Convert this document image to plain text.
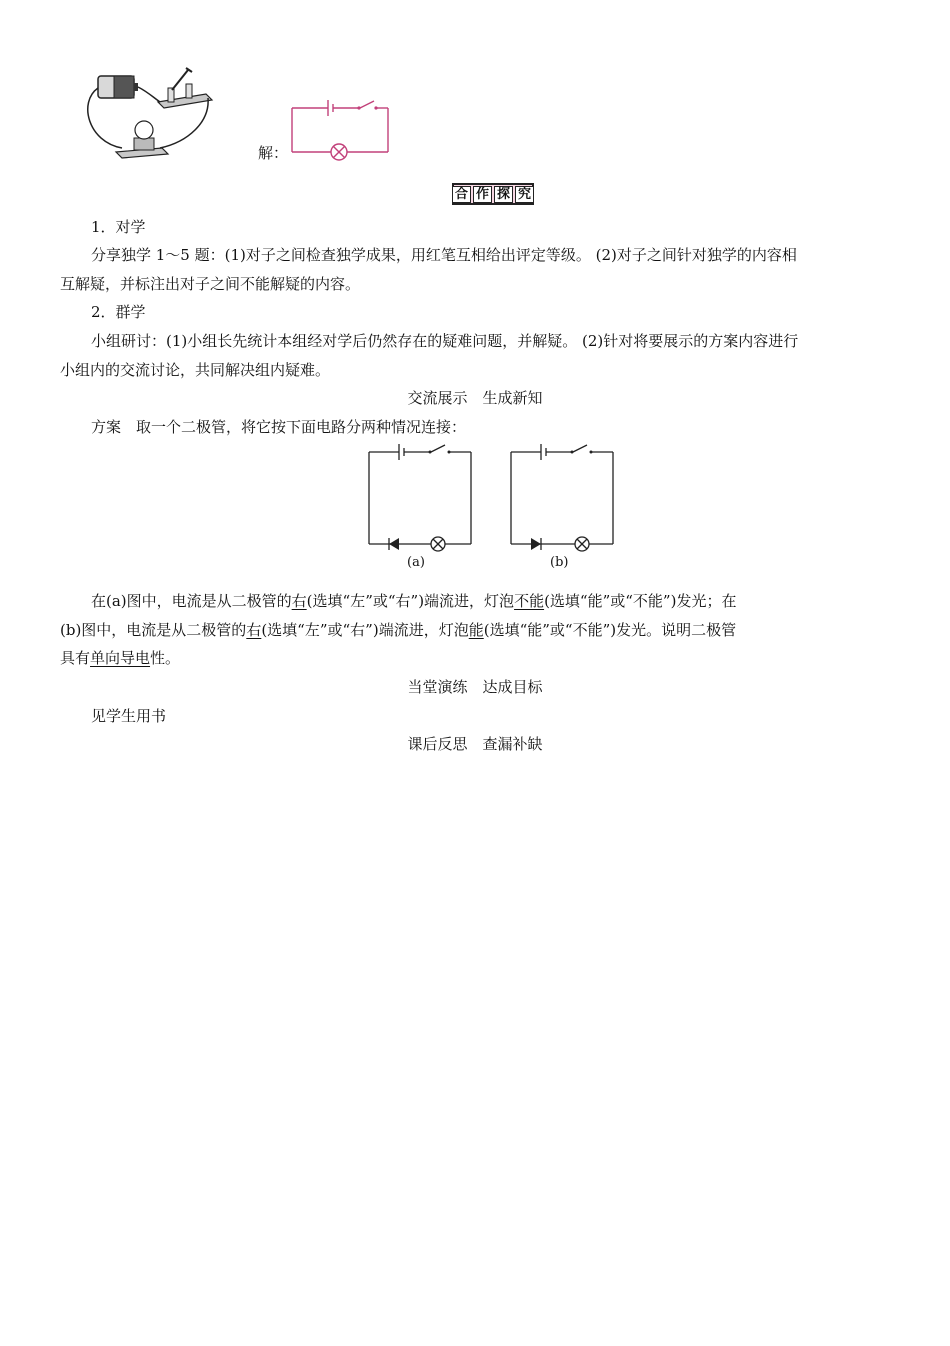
解：
合 作 探 究
1．对学
分享独学 1～5 题：(1)对子之间检查独学成果，用红笔互相给出评定等级。 (2)对子之间针对独学的内容相
互解疑，并标注出对子之间不能解疑的内容。
2．群学
小组研讨：(1)小组长先统计本组经对学后仍然存在的疑难问题，并解疑。 (2)针对将要展示的方案内容进行
小组内的交流讨论，共同解决组内疑难。
交流展示　生成新知
方案　取一个二极管，将它按下面电路分两种情况连接：
(a)	(b)
在(a)图中，电流是从二极管的右(选填“左”或“右”)端流进，灯泡不能(选填“能”或“不能”)发光；在
(b)图中，电流是从二极管的右(选填“左”或“右”)端流进，灯泡能(选填“能”或“不能”)发光。说明二极管
具有单向导电性。
当堂演练　达成目标
见学生用书
课后反思　查漏补缺
